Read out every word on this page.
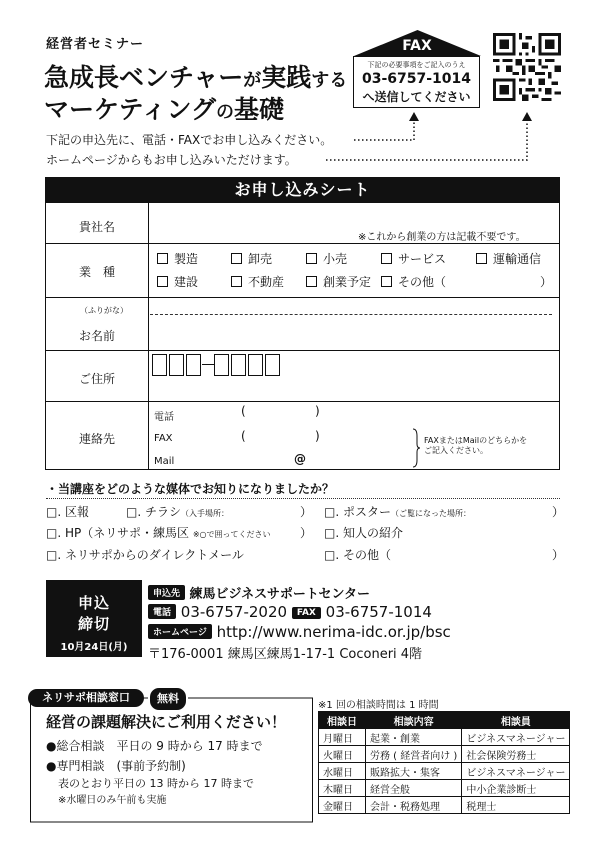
経営者セミナー
急成長ベンチャーが実践する
マーケティングの基礎
FAX
下記の必要事項をご記入のうえ
03-6757-1014
へ送信してください
下記の申込先に、電話・FAXでお申し込みください。
ホームページからもお申し込みいただけます。
お申し込みシート
貴社名
※これから創業の方は記載不要です。
業　種
製造	卸売	小売	サービス	運輸通信
建設	不動産	創業予定	その他（	）
（ふりがな）
お名前
ご住所
連絡先
電話	(	)
FAX	(	)
Mail	@
FAXまたはMailのどちらかを
ご記入ください。
・当講座をどのような媒体でお知りになりましたか？
□. 区報	□. チラシ（入手場所：	） □. ポスター（ご覧になった場所：	）
□. HP（ネリサポ・練馬区 ※○で囲ってください ） □. 知人の紹介
□. ネリサポからのダイレクトメール	□. その他（	）
申込
締切
10月24日(月)
申込先 練馬ビジネスサポートセンター
電話 03-6757-2020 FAX 03-6757-1014
ホームページ http://www.nerima-idc.or.jp/bsc
〒176-0001 練馬区練馬1-17-1 Coconeri 4階
ネリサポ相談窓口	無料
経営の課題解決にご利用ください！
●総合相談　平日の 9 時から 17 時まで
●専門相談　(事前予約制)
表のとおり平日の 13 時から 17 時まで
※水曜日のみ午前も実施
※1 回の相談時間は 1 時間
相談日	相談内容	相談員
月曜日	起業・創業	ビジネスマネージャー
火曜日	労務 ( 経営者向け )	社会保険労務士
水曜日	販路拡大・集客	ビジネスマネージャー
木曜日	経営全般	中小企業診断士
金曜日	会計・税務処理	税理士
